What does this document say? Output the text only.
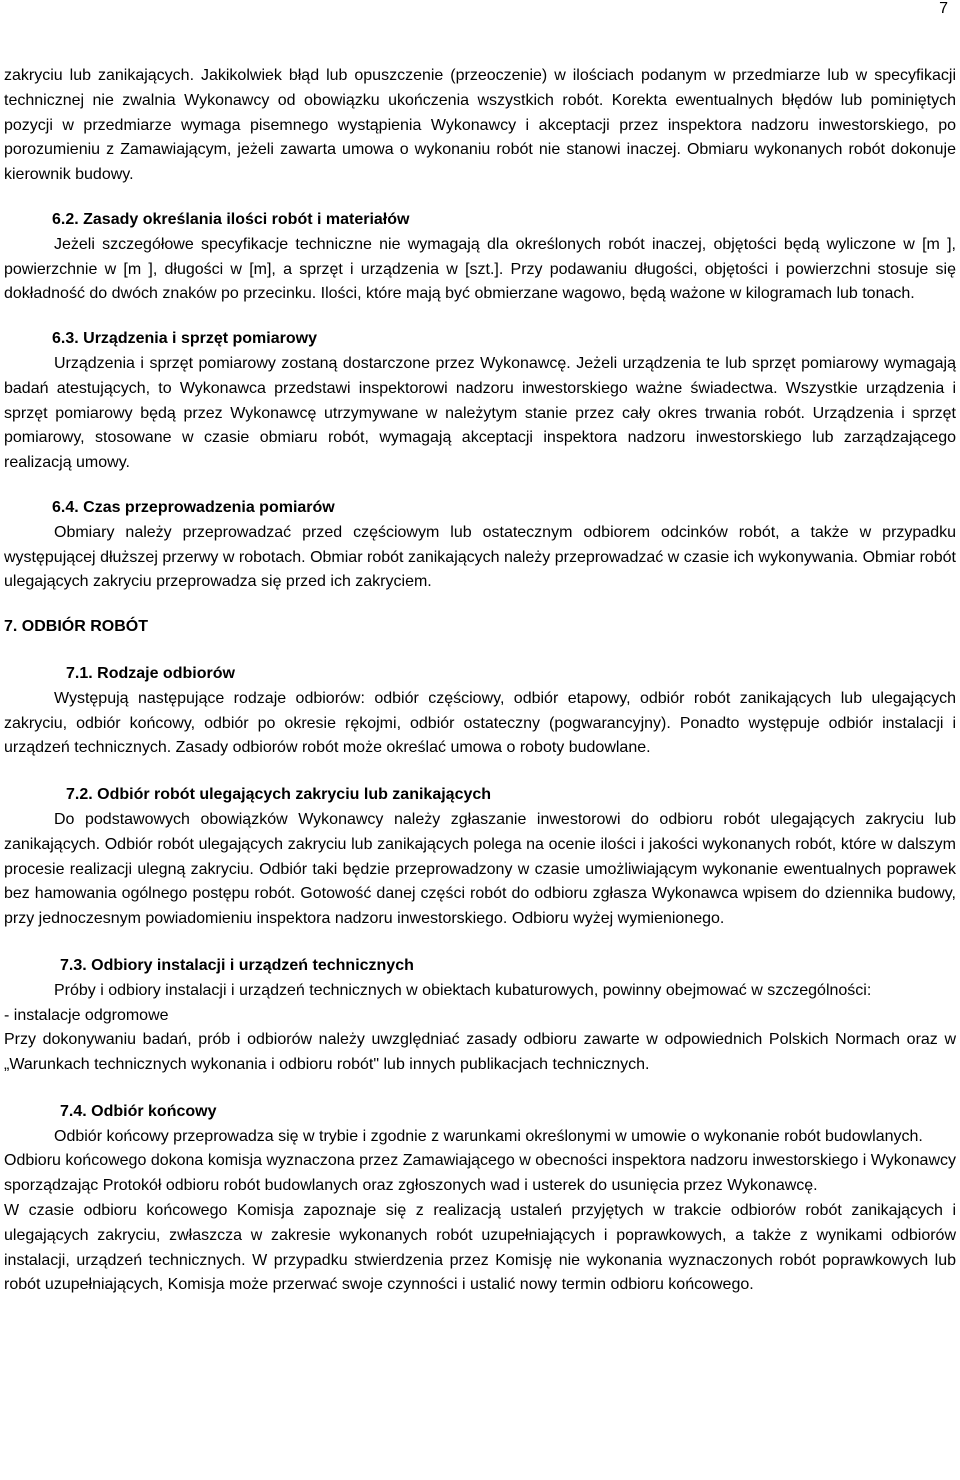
7

zakryciu lub zanikających. Jakikolwiek błąd lub opuszczenie (przeoczenie) w ilościach podanym w przedmiarze lub w specyfikacji technicznej nie zwalnia Wykonawcy od obowiązku ukończenia wszystkich robót. Korekta ewentualnych błędów lub pominiętych pozycji w przedmiarze wymaga pisemnego wystąpienia Wykonawcy i akceptacji przez inspektora nadzoru inwestorskiego, po porozumieniu z Zamawiającym, jeżeli zawarta umowa o wykonaniu robót nie stanowi inaczej. Obmiaru wykonanych robót dokonuje kierownik budowy.

6.2. Zasady określania ilości robót i materiałów

Jeżeli szczegółowe specyfikacje techniczne nie wymagają dla określonych robót inaczej, objętości będą wyliczone w [m ], powierzchnie w [m ], długości w [m], a sprzęt i urządzenia w [szt.]. Przy podawaniu długości, objętości i powierzchni stosuje się dokładność do dwóch znaków po przecinku. Ilości, które mają być obmierzane wagowo, będą ważone w kilogramach lub tonach.

6.3. Urządzenia i sprzęt pomiarowy

Urządzenia i sprzęt pomiarowy zostaną dostarczone przez Wykonawcę. Jeżeli urządzenia te lub sprzęt pomiarowy wymagają badań atestujących, to Wykonawca przedstawi inspektorowi nadzoru inwestorskiego ważne świadectwa. Wszystkie urządzenia i sprzęt pomiarowy będą przez Wykonawcę utrzymywane w należytym stanie przez cały okres trwania robót. Urządzenia i sprzęt pomiarowy, stosowane w czasie obmiaru robót, wymagają akceptacji inspektora nadzoru inwestorskiego lub zarządzającego realizacją umowy.

6.4. Czas przeprowadzenia pomiarów

Obmiary należy przeprowadzać przed częściowym lub ostatecznym odbiorem odcinków robót, a także w przypadku występującej dłuższej przerwy w robotach. Obmiar robót zanikających należy przeprowadzać w czasie ich wykonywania. Obmiar robót ulegających zakryciu przeprowadza się przed ich zakryciem.

7. ODBIÓR ROBÓT

7.1. Rodzaje odbiorów

Występują następujące rodzaje odbiorów: odbiór częściowy, odbiór etapowy, odbiór robót zanikających lub ulegających zakryciu, odbiór końcowy, odbiór po okresie rękojmi, odbiór ostateczny (pogwarancyjny). Ponadto występuje odbiór instalacji i urządzeń technicznych. Zasady odbiorów robót może określać umowa o roboty budowlane.

7.2. Odbiór robót ulegających zakryciu lub zanikających

Do podstawowych obowiązków Wykonawcy należy zgłaszanie inwestorowi do odbioru robót ulegających zakryciu lub zanikających. Odbiór robót ulegających zakryciu lub zanikających polega na ocenie ilości i jakości wykonanych robót, które w dalszym procesie realizacji ulegną zakryciu. Odbiór taki będzie przeprowadzony w czasie umożliwiającym wykonanie ewentualnych poprawek bez hamowania ogólnego postępu robót. Gotowość danej części robót do odbioru zgłasza Wykonawca wpisem do dziennika budowy, przy jednoczesnym powiadomieniu inspektora nadzoru inwestorskiego. Odbioru wyżej wymienionego.

7.3. Odbiory instalacji i urządzeń technicznych

Próby i odbiory instalacji i urządzeń technicznych w obiektach kubaturowych, powinny obejmować w szczególności:

- instalacje odgromowe

Przy dokonywaniu badań, prób i odbiorów należy uwzględniać zasady odbioru zawarte w odpowiednich Polskich Normach oraz w „Warunkach technicznych wykonania i odbioru robót" lub innych publikacjach technicznych.

7.4. Odbiór końcowy

Odbiór końcowy przeprowadza się w trybie i zgodnie z warunkami określonymi w umowie o wykonanie robót budowlanych.

Odbioru końcowego dokona komisja wyznaczona przez Zamawiającego w obecności inspektora nadzoru inwestorskiego i Wykonawcy sporządzając Protokół odbioru robót budowlanych oraz zgłoszonych wad i usterek do usunięcia przez Wykonawcę.

W czasie odbioru końcowego Komisja zapoznaje się z realizacją ustaleń przyjętych w trakcie odbiorów robót zanikających i ulegających zakryciu, zwłaszcza w zakresie wykonanych robót uzupełniających i poprawkowych, a także z wynikami odbiorów instalacji, urządzeń technicznych. W przypadku stwierdzenia przez Komisję nie wykonania wyznaczonych robót poprawkowych lub robót uzupełniających, Komisja może przerwać swoje czynności i ustalić nowy termin odbioru końcowego.
